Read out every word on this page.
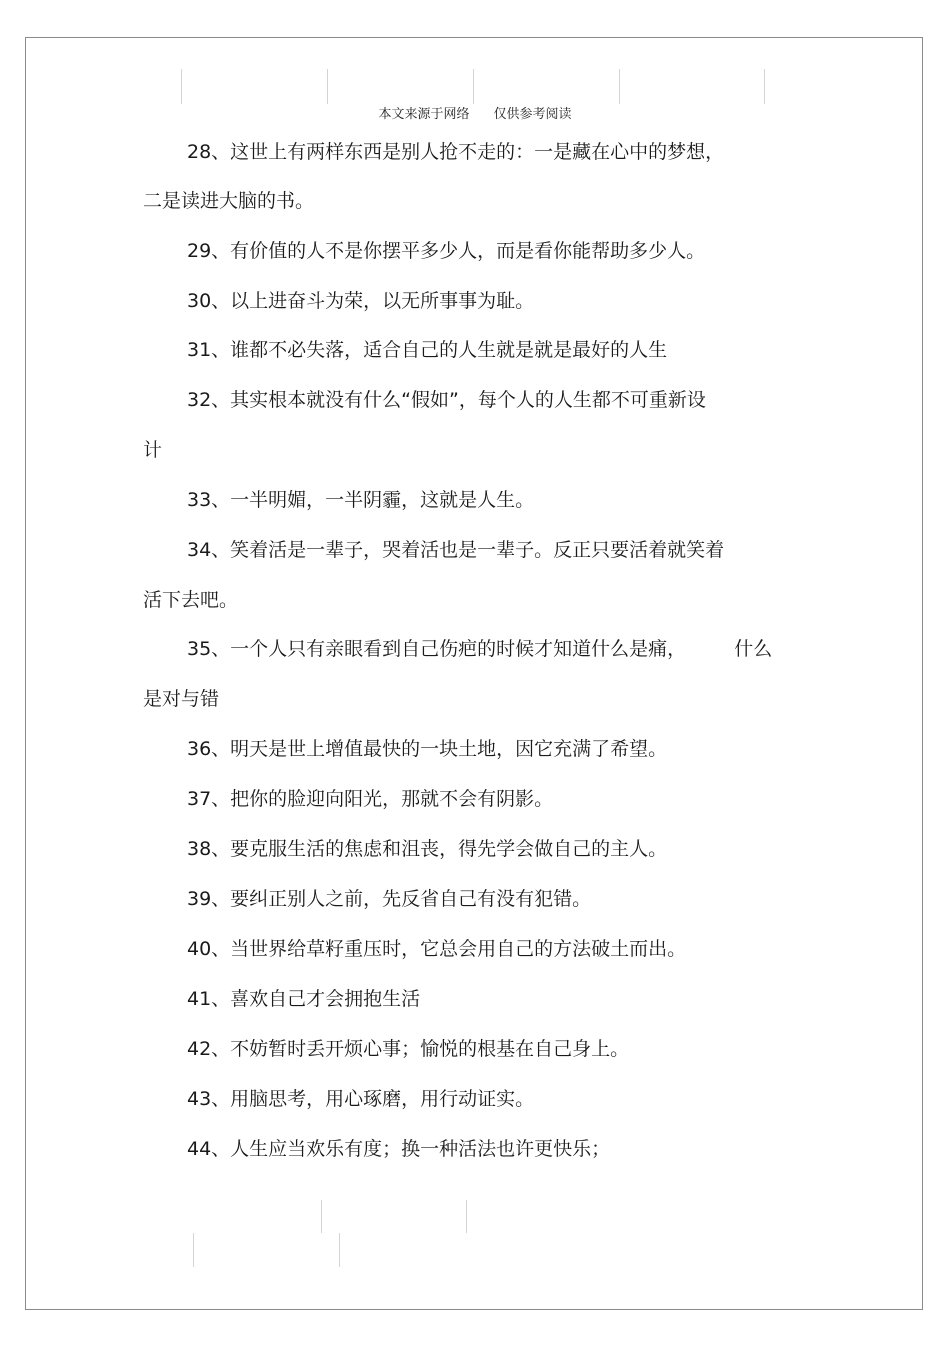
本文来源于网络 仅供参考阅读
28、这世上有两样东西是别人抢不走的：一是藏在心中的梦想，
二是读进大脑的书。
29、有价值的人不是你摆平多少人，而是看你能帮助多少人。
30、以上进奋斗为荣，以无所事事为耻。
31、谁都不必失落，适合自己的人生就是就是最好的人生
32、其实根本就没有什么“假如”，每个人的人生都不可重新设
计
33、一半明媚，一半阴霾，这就是人生。
34、笑着活是一辈子，哭着活也是一辈子。反正只要活着就笑着
活下去吧。
35、一个人只有亲眼看到自己伤疤的时候才知道什么是痛，	什么
是对与错
36、明天是世上增值最快的一块土地，因它充满了希望。
37、把你的脸迎向阳光，那就不会有阴影。
38、要克服生活的焦虑和沮丧，得先学会做自己的主人。
39、要纠正别人之前，先反省自己有没有犯错。
40、当世界给草籽重压时，它总会用自己的方法破土而出。
41、喜欢自己才会拥抱生活
42、不妨暂时丢开烦心事；愉悦的根基在自己身上。
43、用脑思考，用心琢磨，用行动证实。
44、人生应当欢乐有度；换一种活法也许更快乐；
